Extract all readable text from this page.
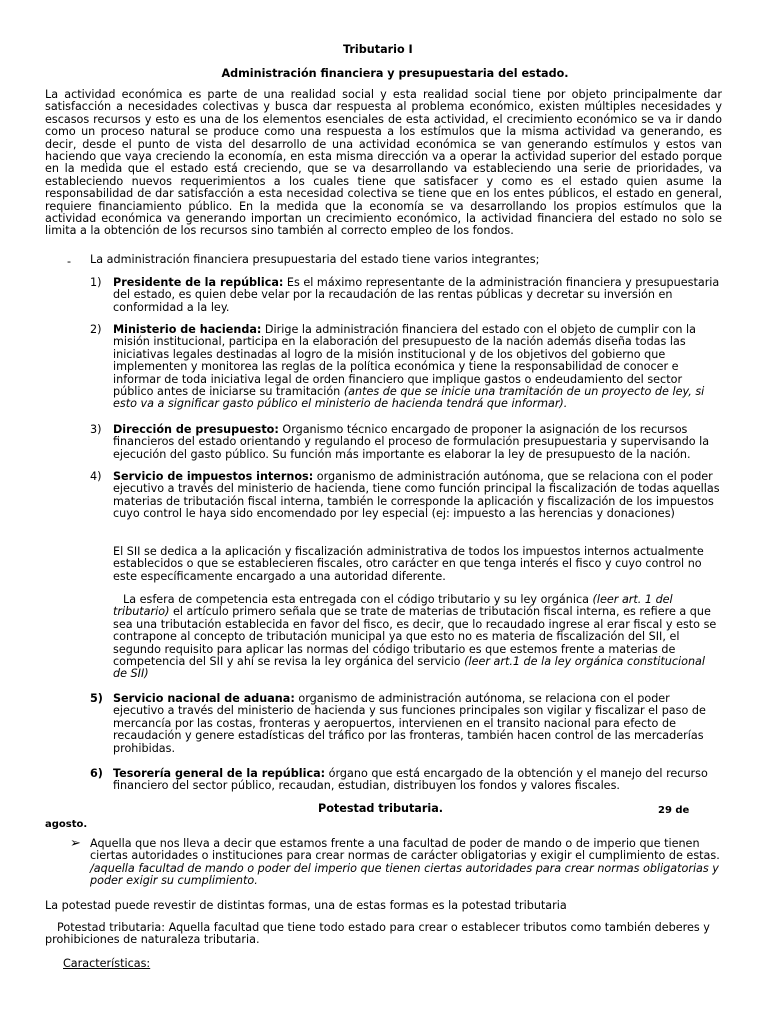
Tributario I
Administración financiera y presupuestaria del estado.
La actividad económica es parte de una realidad social y esta realidad social tiene por objeto principalmente dar satisfacción a necesidades colectivas y busca dar respuesta al problema económico, existen múltiples necesidades y escasos recursos y esto es una de los elementos esenciales de esta actividad, el crecimiento económico se va ir dando como un proceso natural se produce como una respuesta a los estímulos que la misma actividad va generando, es decir, desde el punto de vista del desarrollo de una actividad económica se van generando estímulos y estos van haciendo que vaya creciendo la economía, en esta misma dirección va a operar la actividad superior del estado porque en la medida que el estado está creciendo, que se va desarrollando va estableciendo una serie de prioridades, va estableciendo nuevos requerimientos a los cuales tiene que satisfacer y como es el estado quien asume la responsabilidad de dar satisfacción a esta necesidad colectiva se tiene que en los entes públicos, el estado en general, requiere financiamiento público. En la medida que la economía se va desarrollando los propios estímulos que la actividad económica va generando importan un crecimiento económico, la actividad financiera del estado no solo se limita a la obtención de los recursos sino también al correcto empleo de los fondos.
- La administración financiera presupuestaria del estado tiene varios integrantes;
1)	Presidente de la república: Es el máximo representante de la administración financiera y presupuestaria del estado, es quien debe velar por la recaudación de las rentas públicas y decretar su inversión en conformidad a la ley.
2)	Ministerio de hacienda: Dirige la administración financiera del estado con el objeto de cumplir con la misión institucional, participa en la elaboración del presupuesto de la nación además diseña todas las iniciativas legales destinadas al logro de la misión institucional y de los objetivos del gobierno que implementen y monitorea las reglas de la política económica y tiene la responsabilidad de conocer e informar de toda iniciativa legal de orden financiero que implique gastos o endeudamiento del sector público antes de iniciarse su tramitación (antes de que se inicie una tramitación de un proyecto de ley, si esto va a significar gasto público el ministerio de hacienda tendrá que informar).
3)	Dirección de presupuesto: Organismo técnico encargado de proponer la asignación de los recursos financieros del estado orientando y regulando el proceso de formulación presupuestaria y supervisando la ejecución del gasto público. Su función más importante es elaborar la ley de presupuesto de la nación.
4)	Servicio de impuestos internos: organismo de administración autónoma, que se relaciona con el poder ejecutivo a través del ministerio de hacienda, tiene como función principal la fiscalización de todas aquellas materias de tributación fiscal interna, también le corresponde la aplicación y fiscalización de los impuestos cuyo control le haya sido encomendado por ley especial (ej: impuesto a las herencias y donaciones)
El SII se dedica a la aplicación y fiscalización administrativa de todos los impuestos internos actualmente establecidos o que se establecieren fiscales, otro carácter en que tenga interés el fisco y cuyo control no este específicamente encargado a una autoridad diferente.
La esfera de competencia esta entregada con el código tributario y su ley orgánica (leer art. 1 del tributario) el artículo primero señala que se trate de materias de tributación fiscal interna, es refiere a que sea una tributación establecida en favor del fisco, es decir, que lo recaudado ingrese al erar fiscal y esto se contrapone al concepto de tributación municipal ya que esto no es materia de fiscalización del SII, el segundo requisito para aplicar las normas del código tributario es que estemos frente a materias de competencia del SII y ahí se revisa la ley orgánica del servicio (leer art.1 de la ley orgánica constitucional de SII)
5) Servicio nacional de aduana: organismo de administración autónoma, se relaciona con el poder ejecutivo a través del ministerio de hacienda y sus funciones principales son vigilar y fiscalizar el paso de mercancía por las costas, fronteras y aeropuertos, intervienen en el transito nacional para efecto de recaudación y genere estadísticas del tráfico por las fronteras, también hacen control de las mercaderías prohibidas.
6) Tesorería general de la república: órgano que está encargado de la obtención y el manejo del recurso financiero del sector público, recaudan, estudian, distribuyen los fondos y valores fiscales.
Potestad tributaria.	29 de
agosto.
➢ Aquella que nos lleva a decir que estamos frente a una facultad de poder de mando o de imperio que tienen ciertas autoridades o instituciones para crear normas de carácter obligatorias y exigir el cumplimiento de estas. /aquella facultad de mando o poder del imperio que tienen ciertas autoridades para crear normas obligatorias y poder exigir su cumplimiento.
La potestad puede revestir de distintas formas, una de estas formas es la potestad tributaria
Potestad tributaria: Aquella facultad que tiene todo estado para crear o establecer tributos como también deberes y prohibiciones de naturaleza tributaria.
Características:
